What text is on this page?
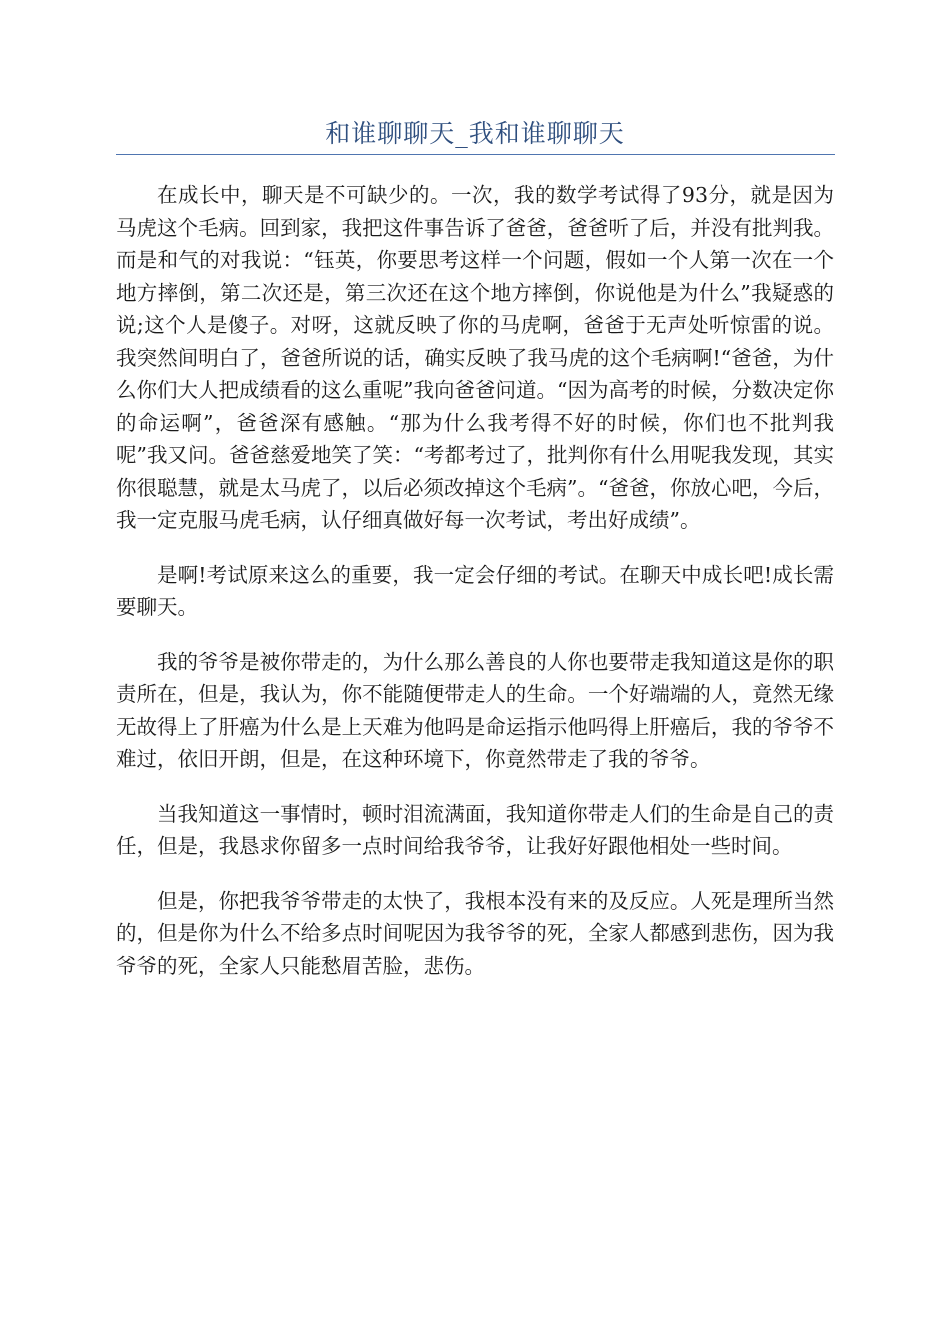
和谁聊聊天_我和谁聊聊天

在成长中，聊天是不可缺少的。一次，我的数学考试得了93分，就是因为马虎这个毛病。回到家，我把这件事告诉了爸爸，爸爸听了后，并没有批判我。而是和气的对我说：“钰英，你要思考这样一个问题，假如一个人第一次在一个地方摔倒，第二次还是，第三次还在这个地方摔倒，你说他是为什么”我疑惑的说;这个人是傻子。对呀，这就反映了你的马虎啊，爸爸于无声处听惊雷的说。我突然间明白了，爸爸所说的话，确实反映了我马虎的这个毛病啊!“爸爸，为什么你们大人把成绩看的这么重呢”我向爸爸问道。“因为高考的时候，分数决定你的命运啊”，爸爸深有感触。“那为什么我考得不好的时候，你们也不批判我呢”我又问。爸爸慈爱地笑了笑：“考都考过了，批判你有什么用呢我发现，其实你很聪慧，就是太马虎了，以后必须改掉这个毛病”。“爸爸，你放心吧，今后，我一定克服马虎毛病，认仔细真做好每一次考试，考出好成绩”。

是啊!考试原来这么的重要，我一定会仔细的考试。在聊天中成长吧!成长需要聊天。

我的爷爷是被你带走的，为什么那么善良的人你也要带走我知道这是你的职责所在，但是，我认为，你不能随便带走人的生命。一个好端端的人，竟然无缘无故得上了肝癌为什么是上天难为他吗是命运指示他吗得上肝癌后，我的爷爷不难过，依旧开朗，但是，在这种环境下，你竟然带走了我的爷爷。

当我知道这一事情时，顿时泪流满面，我知道你带走人们的生命是自己的责任，但是，我恳求你留多一点时间给我爷爷，让我好好跟他相处一些时间。

但是，你把我爷爷带走的太快了，我根本没有来的及反应。人死是理所当然的，但是你为什么不给多点时间呢因为我爷爷的死，全家人都感到悲伤，因为我爷爷的死，全家人只能愁眉苦脸，悲伤。
